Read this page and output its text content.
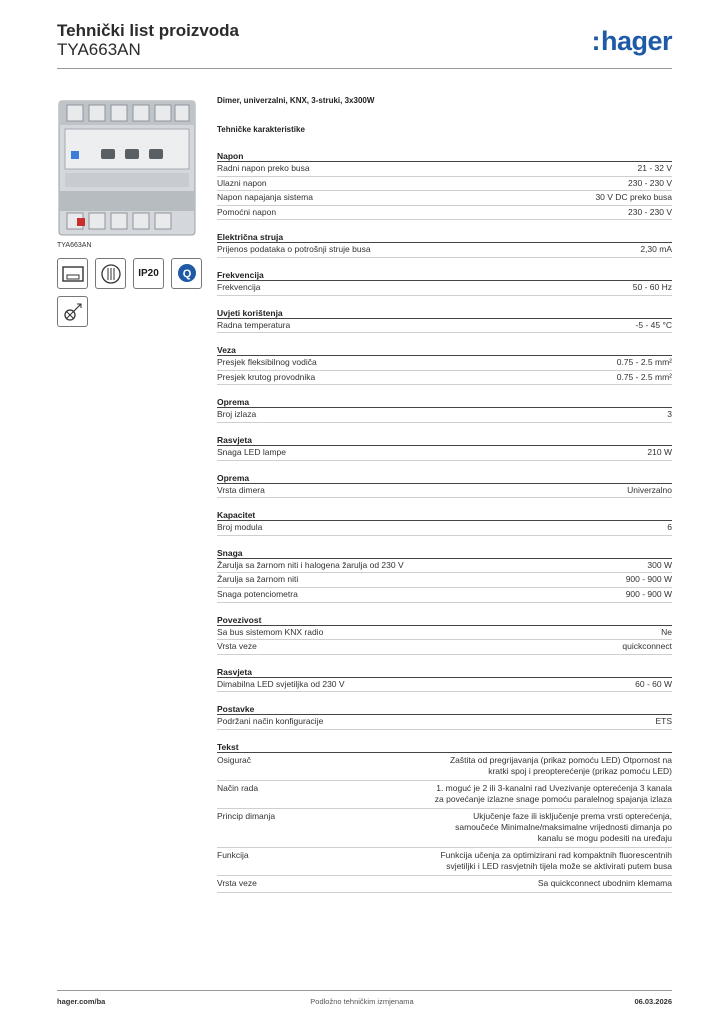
Tehnički list proizvoda
TYA663AN	:hager
TYA663AN
IP20 Q
Dimer, univerzalni, KNX, 3-struki, 3x300W
Tehničke karakteristike
Napon
Radni napon preko busa	21 - 32 V
Ulazni napon	230 - 230 V
Napon napajanja sistema	30 V DC preko busa
Pomoćni napon	230 - 230 V
Električna struja
Prijenos podataka o potrošnji struje busa	2,30 mA
Frekvencija
Frekvencija	50 - 60 Hz
Uvjeti korištenja
Radna temperatura	-5 - 45 °C
Veza
Presjek fleksibilnog vodiča	0.75 - 2.5 mm²
Presjek krutog provodnika	0.75 - 2.5 mm²
Oprema
Broj izlaza	3
Rasvjeta
Snaga LED lampe	210 W
Oprema
Vrsta dimera	Univerzalno
Kapacitet
Broj modula	6
Snaga
Žarulja sa žarnom niti i halogena žarulja od 230 V	300 W
Žarulja sa žarnom niti	900 - 900 W
Snaga potenciometra	900 - 900 W
Povezivost
Sa bus sistemom KNX radio	Ne
Vrsta veze	quickconnect
Rasvjeta
Dimabilna LED svjetiljka od 230 V	60 - 60 W
Postavke
Podržani način konfiguracije	ETS
Tekst
Osigurač	Zaštita od pregrijavanja (prikaz pomoću LED) Otpornost na kratki spoj i preopterećenje (prikaz pomoću LED)
Način rada	1. moguć je 2 ili 3-kanalni rad Uvezivanje opterećenja 3 kanala za povećanje izlazne snage pomoću paralelnog spajanja izlaza
Princip dimanja	Ukjučenje faze ili isključenje prema vrsti opterećenja, samoučeće Minimalne/maksimalne vrijednosti dimanja po kanalu se mogu podesiti na uređaju
Funkcija	Funkcija učenja za optimizirani rad kompaktnih fluorescentnih svjetiljki i LED rasvjetnih tijela može se aktivirati putem busa
Vrsta veze	Sa quickconnect ubodnim klemama
hager.com/ba	Podložno tehničkim izmjenama	06.03.2026
